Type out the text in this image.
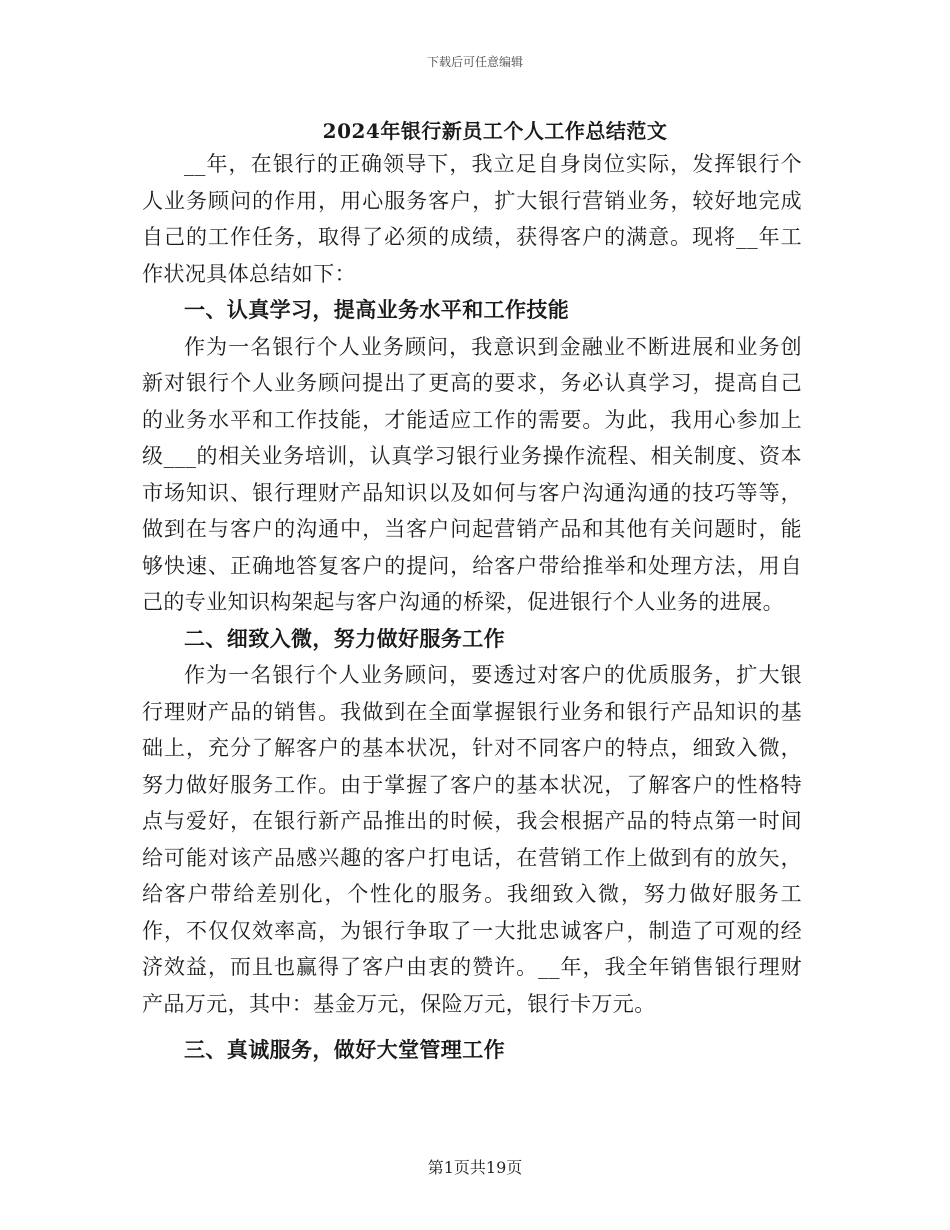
下载后可任意编辑
2024年银行新员工个人工作总结范文

__年，在银行的正确领导下，我立足自身岗位实际，发挥银行个人业务顾问的作用，用心服务客户，扩大银行营销业务，较好地完成自己的工作任务，取得了必须的成绩，获得客户的满意。现将__年工作状况具体总结如下：

一、认真学习，提高业务水平和工作技能

作为一名银行个人业务顾问，我意识到金融业不断进展和业务创新对银行个人业务顾问提出了更高的要求，务必认真学习，提高自己的业务水平和工作技能，才能适应工作的需要。为此，我用心参加上级___的相关业务培训，认真学习银行业务操作流程、相关制度、资本市场知识、银行理财产品知识以及如何与客户沟通沟通的技巧等等，做到在与客户的沟通中，当客户问起营销产品和其他有关问题时，能够快速、正确地答复客户的提问，给客户带给推举和处理方法，用自己的专业知识构架起与客户沟通的桥梁，促进银行个人业务的进展。

二、细致入微，努力做好服务工作

作为一名银行个人业务顾问，要透过对客户的优质服务，扩大银行理财产品的销售。我做到在全面掌握银行业务和银行产品知识的基础上，充分了解客户的基本状况，针对不同客户的特点，细致入微，努力做好服务工作。由于掌握了客户的基本状况，了解客户的性格特点与爱好，在银行新产品推出的时候，我会根据产品的特点第一时间给可能对该产品感兴趣的客户打电话，在营销工作上做到有的放矢，给客户带给差别化，个性化的服务。我细致入微，努力做好服务工作，不仅仅效率高，为银行争取了一大批忠诚客户，制造了可观的经济效益，而且也赢得了客户由衷的赞许。__年，我全年销售银行理财产品万元，其中：基金万元，保险万元，银行卡万元。

三、真诚服务，做好大堂管理工作
第1页共19页
